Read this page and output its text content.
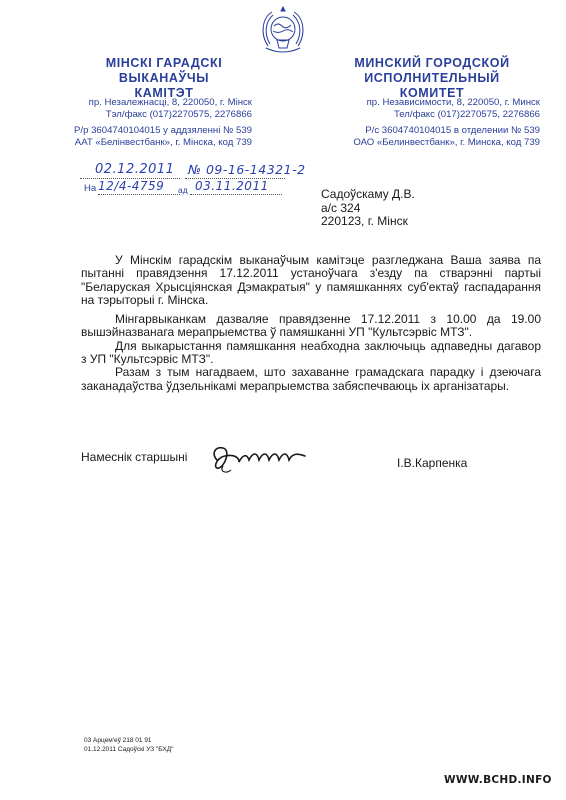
МІНСКІ ГАРАДСКІ
ВЫКАНАЎЧЫ КАМІТЭТ
пр. Незалежнасці, 8, 220050, г. Мінск
Тэл/факс (017)2270575, 2276866
Р/р 3604740104015 у аддзяленні № 539
ААТ «Белінвестбанк», г. Мінска, код 739
МИНСКИЙ ГОРОДСКОЙ
ИСПОЛНИТЕЛЬНЫЙ КОМИТЕТ
пр. Независимости, 8, 220050, г. Минск
Тел/факс (017)2270575, 2276866
Р/с 3604740104015 в отделении № 539
ОАО «Белинвестбанк», г. Минска, код 739
02.12.2011 № 09-16-14321-2
На 12/4-4759 ад 03.11.2011
Садоўскаму Д.В.
а/с 324
220123, г. Мінск

У Мінскім гарадскім выканаўчым камітэце разгледжана Ваша заява па пытанні правядзення 17.12.2011 устаноўчага з'езду па стварэнні партыі "Беларуская Хрысціянская Дэмакратыя" у памяшканнях суб'ектаў гаспадарання на тэрыторыі г. Мінска.

Мінгарвыканкам дазваляе правядзенне 17.12.2011 з 10.00 да 19.00 вышэйназванага мерапрыемства ў памяшканні УП "Культсэрвіс МТЗ".

Для выкарыстання памяшкання неабходна заключыць адпаведны дагавор з УП "Культсэрвіс МТЗ".

Разам з тым нагадваем, што захаванне грамадскага парадку і дзеючага заканадаўства ўдзельнікамі мерапрыемства забяспечваюць іх арганізатары.

Намеснік старшыні	І.В.Карпенка
03 Арцем'еў 218 01 91
01.12.2011 Садоўскі УЗ "БХД"
WWW.BCHD.INFO
